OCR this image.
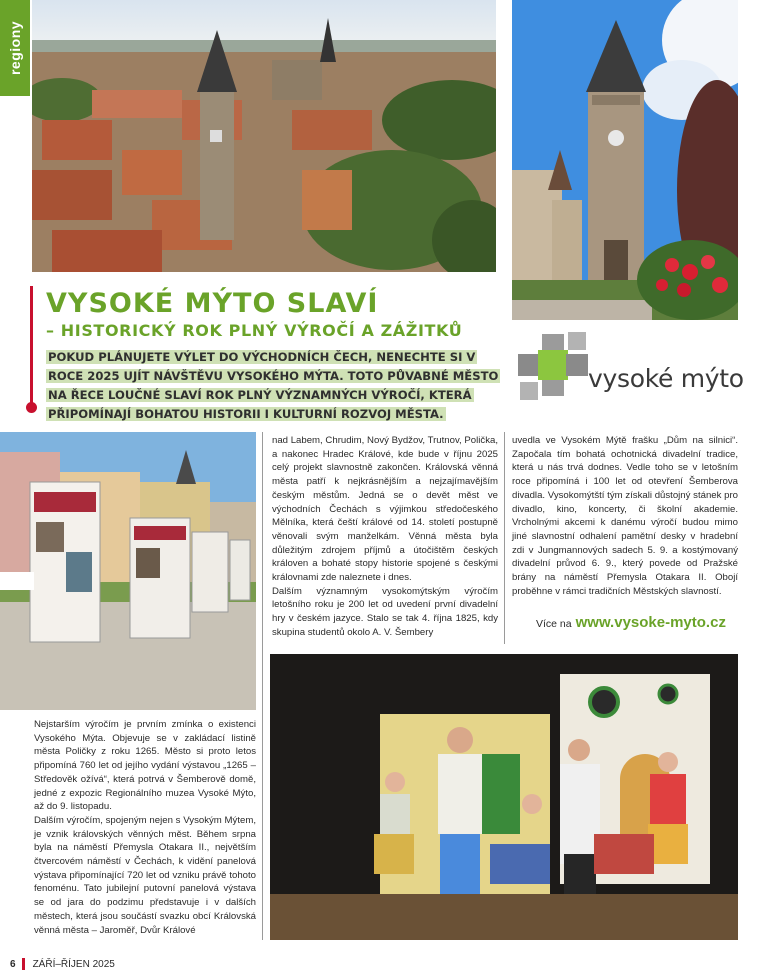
regiony
VYSOKÉ MÝTO SLAVÍ
– HISTORICKÝ ROK PLNÝ VÝROČÍ A ZÁŽITKŮ
POKUD PLÁNUJETE VÝLET DO VÝCHODNÍCH ČECH, NENECHTE SI V ROCE 2025 UJÍT NÁVŠTĚVU VYSOKÉHO MÝTA. TOTO PŮVABNÉ MĚSTO NA ŘECE LOUČNÉ SLAVÍ ROK PLNÝ VÝZNAMNÝCH VÝROČÍ, KTERÁ PŘIPOMÍNAJÍ BOHATOU HISTORII I KULTURNÍ ROZVOJ MĚSTA.
vysoké mýto

nad Labem, Chrudim, Nový Bydžov, Trutnov, Polička, a nakonec Hradec Králové, kde bude v říjnu 2025 celý projekt slavnostně zakončen. Královská věnná města patří k nejkrásnějším a nejzajímavějším českým městům. Jedná se o devět měst ve východních Čechách s výjimkou středočeského Mělníka, která čeští králové od 14. století postupně věnovali svým manželkám. Věnná města byla důležitým zdrojem příjmů a útočištěm českých královen a bohaté stopy historie spojené s českými královnami zde naleznete i dnes.

Dalším významným vysokomýtským výročím letošního roku je 200 let od uvedení první divadelní hry v českém jazyce. Stalo se tak 4. října 1825, kdy skupina studentů okolo A. V. Šembery

uvedla ve Vysokém Mýtě frašku „Dům na silnici“. Započala tím bohatá ochotnická divadelní tradice, která u nás trvá dodnes. Vedle toho se v letošním roce připomíná i 100 let od otevření Šemberova divadla. Vysokomýtští tým získali důstojný stánek pro divadlo, kino, koncerty, či školní akademie. Vrcholnými akcemi k danému výročí budou mimo jiné slavnostní odhalení pamětní desky v hradební zdi v Jungmannových sadech 5. 9. a kostýmovaný divadelní průvod 6. 9., který povede od Pražské brány na náměstí Přemysla Otakara II. Obojí proběhne v rámci tradičních Městských slavností.

Více na www.vysoke-myto.cz

Nejstarším výročím je prvním zmínka o existenci Vysokého Mýta. Objevuje se v zakládací listině města Poličky z roku 1265. Město si proto letos připomíná 760 let od jejího vydání výstavou „1265 – Středověk ožívá“, která potrvá v Šemberově domě, jedné z expozic Regionálního muzea Vysoké Mýto, až do 9. listopadu.

Dalším výročím, spojeným nejen s Vysokým Mýtem, je vznik královských věnných měst. Během srpna byla na náměstí Přemysla Otakara II., největším čtvercovém náměstí v Čechách, k vidění panelová výstava připomínající 720 let od vzniku právě tohoto fenoménu. Tato jubilejní putovní panelová výstava se od jara do podzimu představuje i v dalších městech, která jsou součástí svazku obcí Královská věnná města – Jaroměř, Dvůr Králové

6 ZÁŘÍ–ŘÍJEN 2025
